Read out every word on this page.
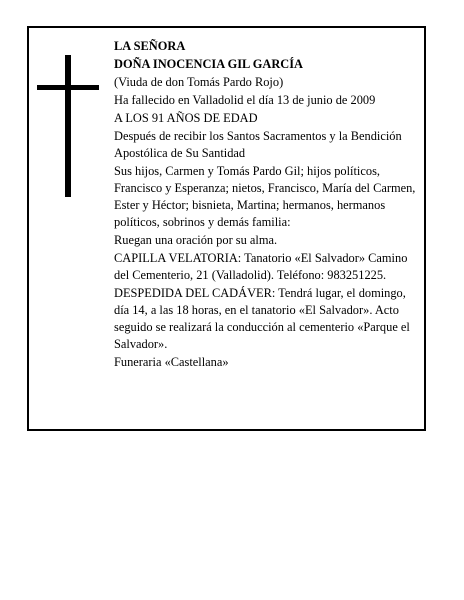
LA SEÑORA

DOÑA INOCENCIA GIL GARCÍA

(Viuda de don Tomás Pardo Rojo)

Ha fallecido en Valladolid el día 13 de junio de 2009

A LOS 91 AÑOS DE EDAD

Después de recibir los Santos Sacramentos y la Bendición Apostólica de Su Santidad

Sus hijos, Carmen y Tomás Pardo Gil; hijos políticos, Francisco y Esperanza; nietos, Francisco, María del Carmen, Ester y Héctor; bisnieta, Martina; hermanos, hermanos políticos, sobrinos y demás familia:

Ruegan una oración por su alma.

CAPILLA VELATORIA: Tanatorio «El Salvador» Camino del Cementerio, 21 (Valladolid). Teléfono: 983251225.

DESPEDIDA DEL CADÁVER: Tendrá lugar, el domingo, día 14, a las 18 horas, en el tanatorio «El Salvador». Acto seguido se realizará la conducción al cementerio «Parque el Salvador».

Funeraria «Castellana»
